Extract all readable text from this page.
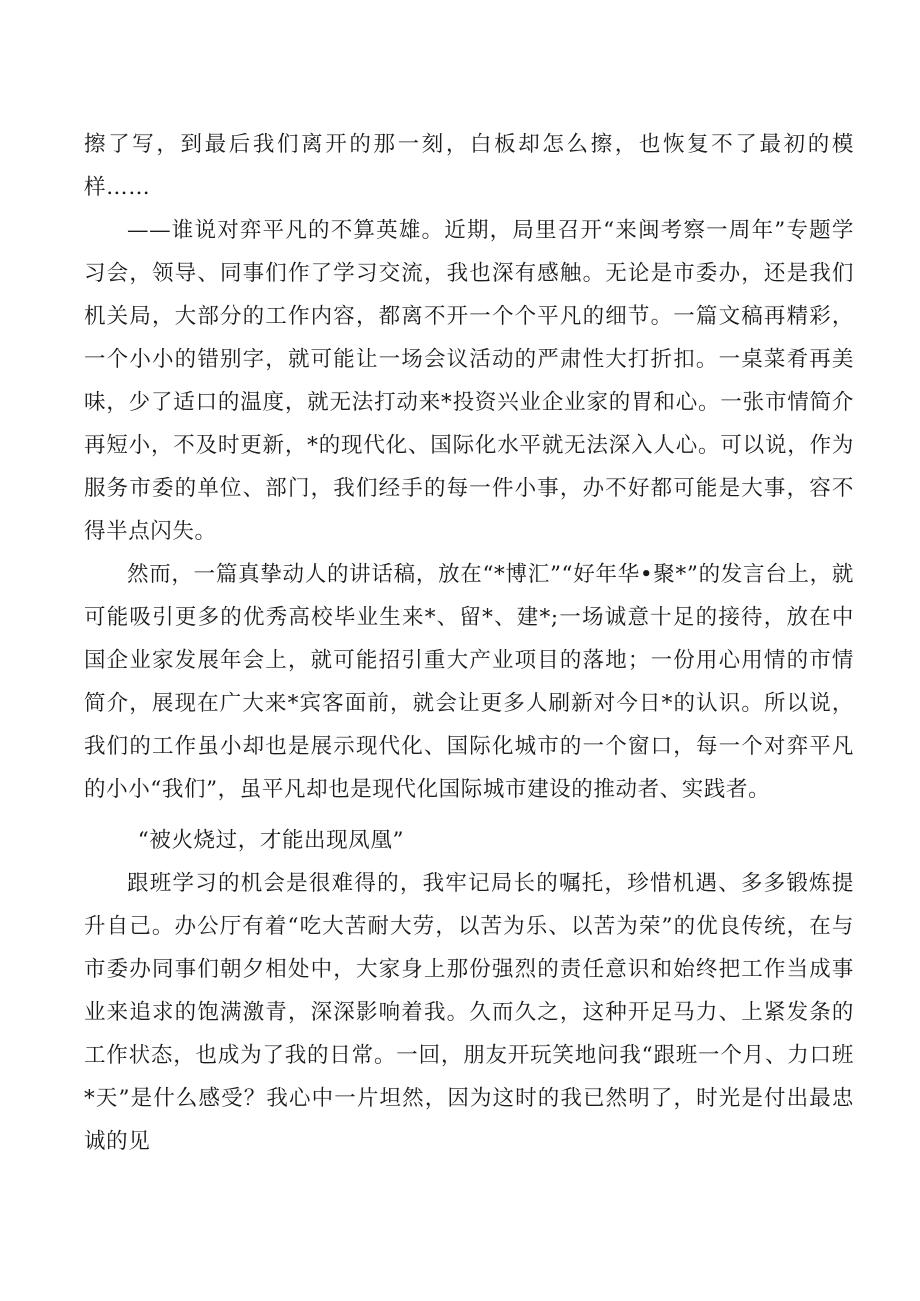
擦了写，到最后我们离开的那一刻，白板却怎么擦，也恢复不了最初的模样……

——谁说对弈平凡的不算英雄。近期，局里召开“来闽考察一周年”专题学习会，领导、同事们作了学习交流，我也深有感触。无论是市委办，还是我们机关局，大部分的工作内容，都离不开一个个平凡的细节。一篇文稿再精彩，一个小小的错别字，就可能让一场会议活动的严肃性大打折扣。一桌菜肴再美味，少了适口的温度，就无法打动来*投资兴业企业家的胃和心。一张市情简介再短小，不及时更新，*的现代化、国际化水平就无法深入人心。可以说，作为服务市委的单位、部门，我们经手的每一件小事，办不好都可能是大事，容不得半点闪失。

然而，一篇真挚动人的讲话稿，放在“*博汇”“好年华•聚*”的发言台上，就可能吸引更多的优秀高校毕业生来*、留*、建*;一场诚意十足的接待，放在中国企业家发展年会上，就可能招引重大产业项目的落地；一份用心用情的市情简介，展现在广大来*宾客面前，就会让更多人刷新对今日*的认识。所以说，我们的工作虽小却也是展示现代化、国际化城市的一个窗口，每一个对弈平凡的小小“我们”，虽平凡却也是现代化国际城市建设的推动者、实践者。

“被火烧过，才能出现凤凰”

跟班学习的机会是很难得的，我牢记局长的嘱托，珍惜机遇、多多锻炼提升自己。办公厅有着“吃大苦耐大劳，以苦为乐、以苦为荣”的优良传统，在与市委办同事们朝夕相处中，大家身上那份强烈的责任意识和始终把工作当成事业来追求的饱满激青，深深影响着我。久而久之，这种开足马力、上紧发条的工作状态，也成为了我的日常。一回，朋友开玩笑地问我“跟班一个月、力口班*天”是什么感受？我心中一片坦然，因为这时的我已然明了，时光是付出最忠诚的见
